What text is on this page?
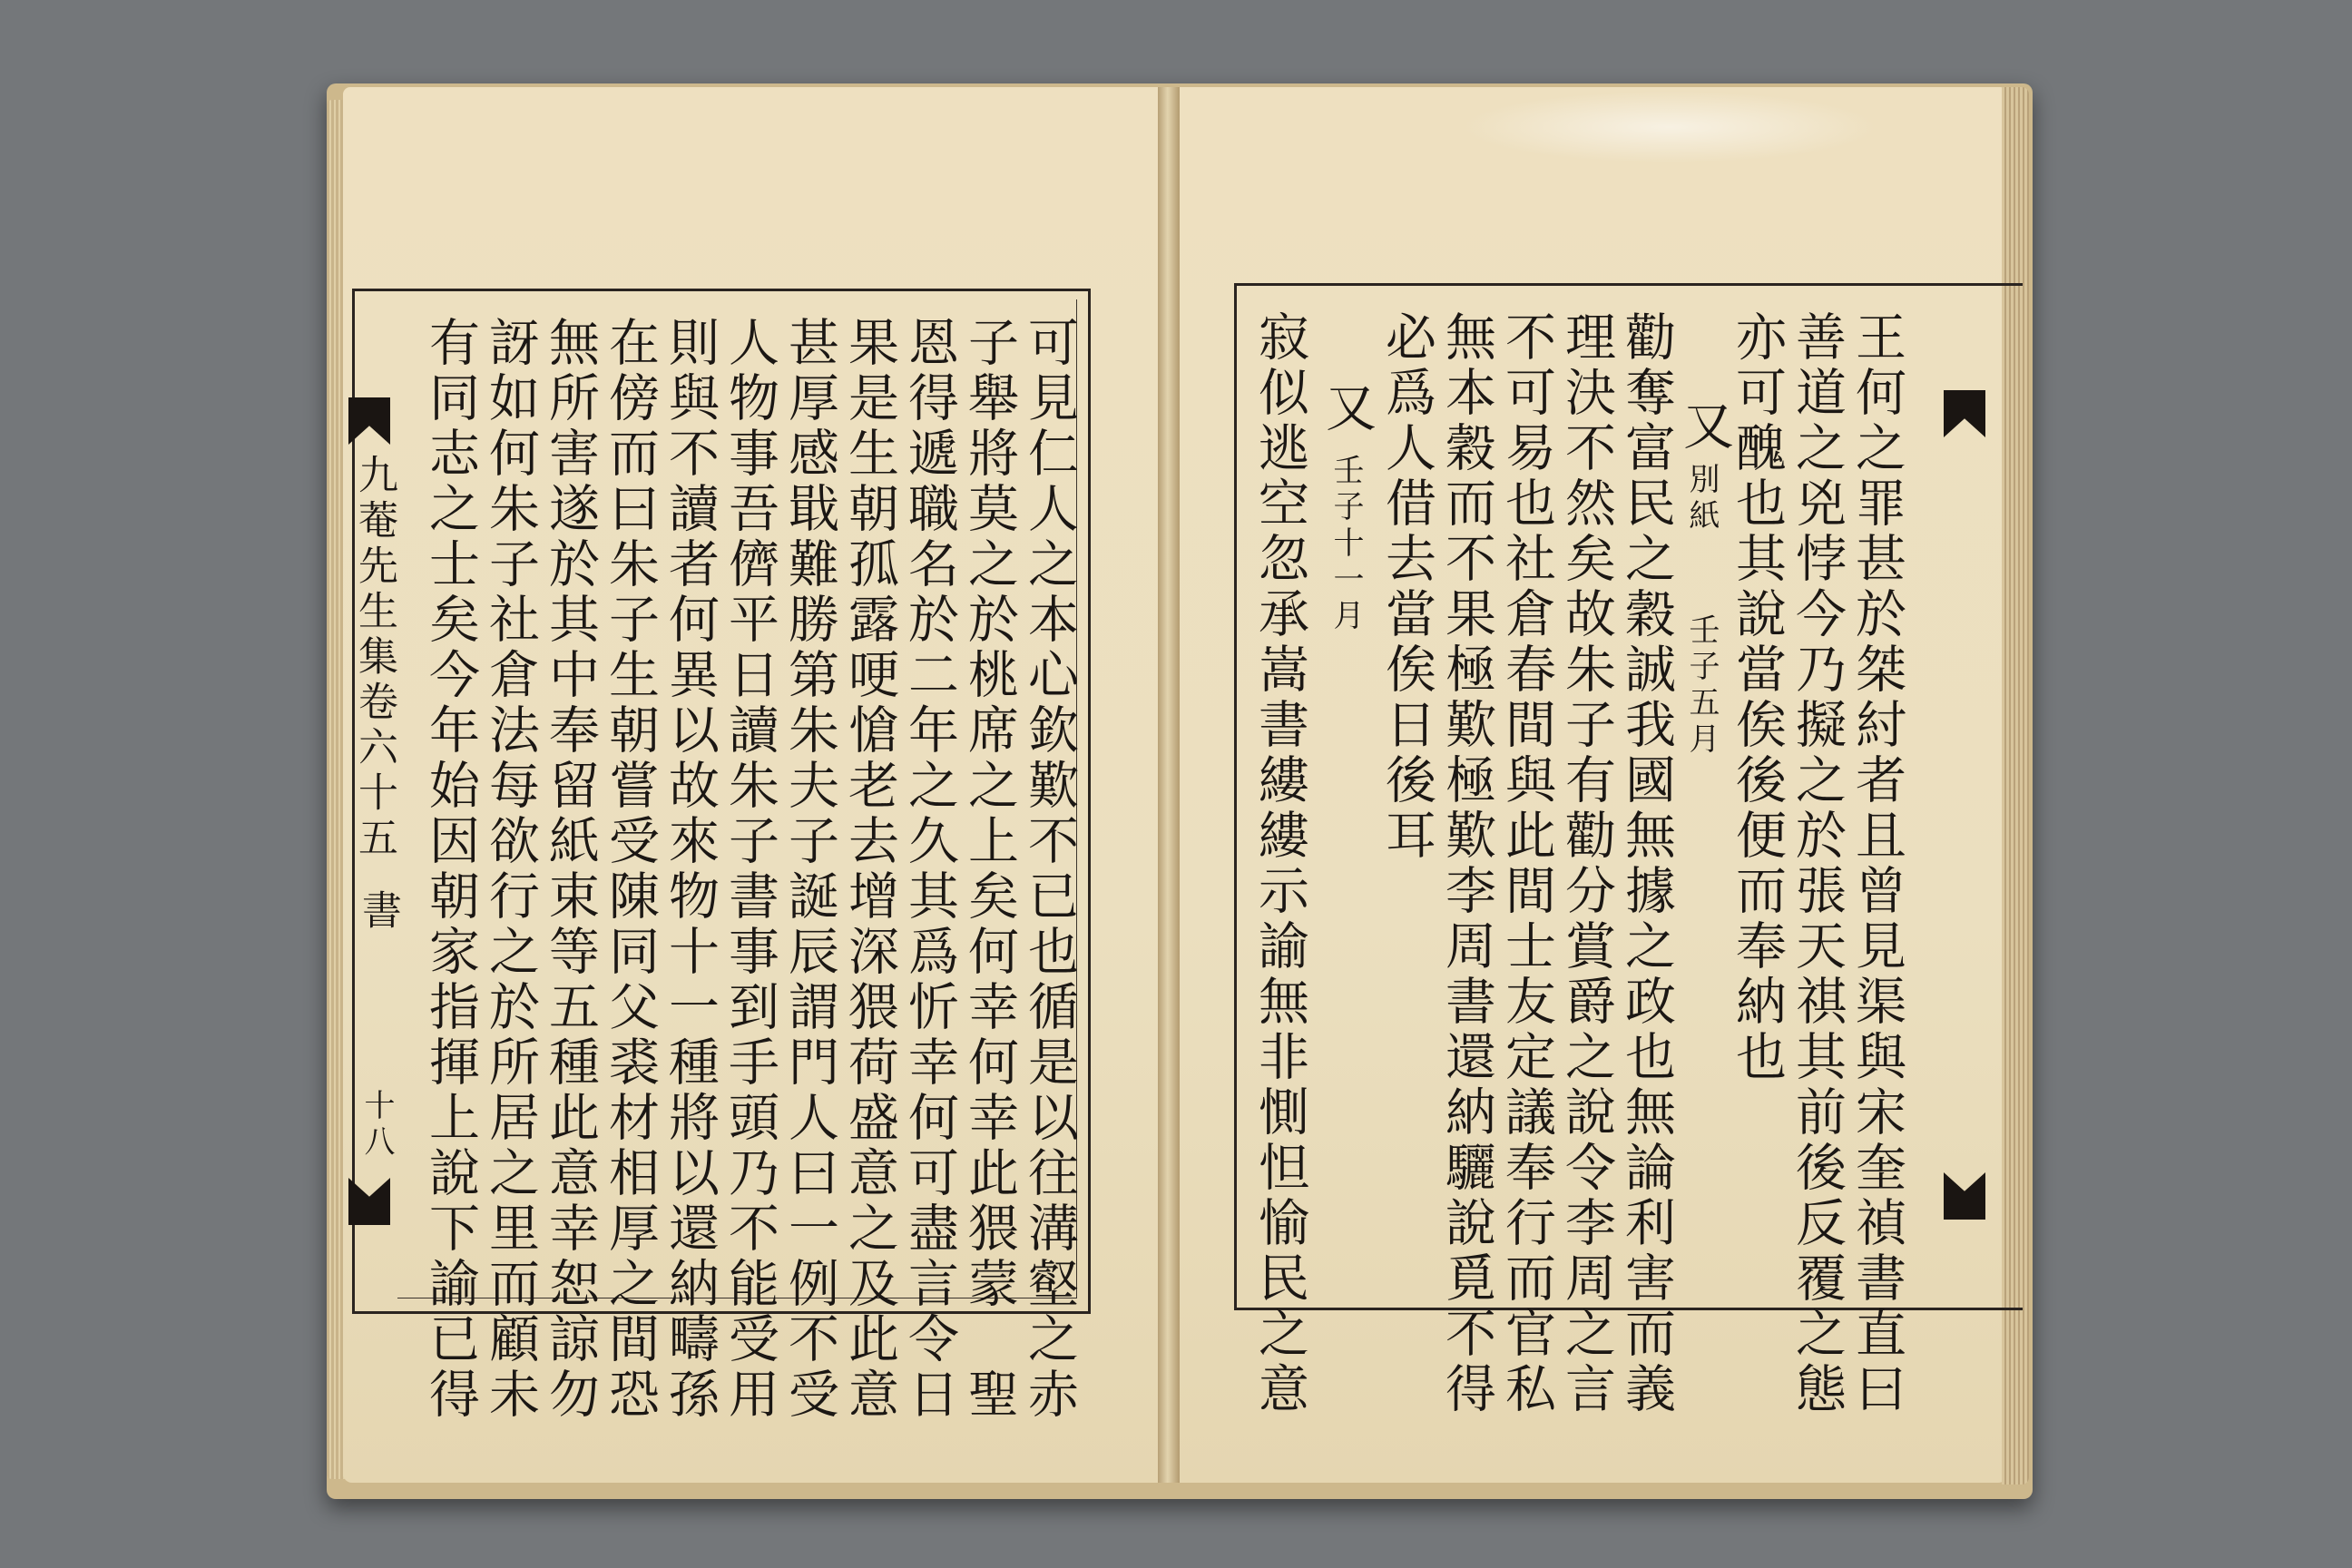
九菴先生集卷六十五
書
十八	可見仁人之本心欽歎不已也循是以往溝壑之赤
子舉將莫之於桃席之上矣何幸何幸此猥蒙　聖
恩得遞職名於二年之久其爲忻幸何可盡言令日
果是生朝孤露哽愴老去增深猥荷盛意之及此意
甚厚感戢難勝第朱夫子誕辰謂門人曰一例不受
人物事吾儕平日讀朱子書事到手頭乃不能受用
則與不讀者何異以故來物十一種將以還納疇孫
在傍而曰朱子生朝嘗受陳同父裘材相厚之間恐
無所害遂於其中奉留紙束等五種此意幸恕諒勿
訝如何朱子社倉法每欲行之於所居之里而顧未
有同志之士矣今年始因朝家指揮上說下諭已得	王何之罪甚於桀紂者且曾見渠與宋奎禎書直曰
善道之兇悖今乃擬之於張天祺其前後反覆之態
亦可醜也其說當俟後便而奉納也
又
別紙
壬子五月
勸奪富民之穀誠我國無據之政也無論利害而義
理決不然矣故朱子有勸分賞爵之說令李周之言
不可易也社倉春間與此間士友定議奉行而官私
無本穀而不果極歎極歎李周書還納驪說覓不得
必爲人借去當俟日後耳
又
壬子十一月
寂似逃空忽承嵩書縷縷示諭無非惻怛愉民之意
